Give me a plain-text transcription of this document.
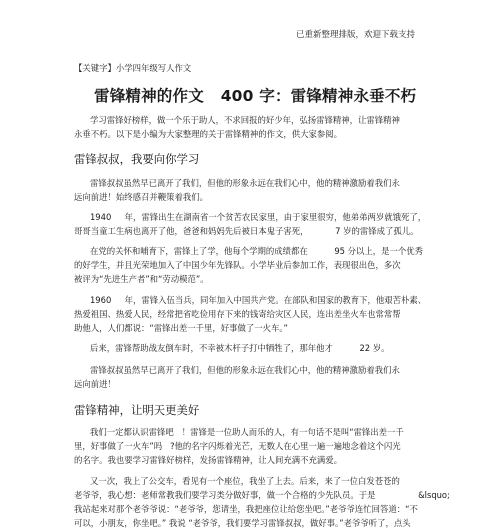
已重新整理排版，欢迎下载支持
【关键字】小学四年级写人作文
雷锋精神的作文   400 字：雷锋精神永垂不朽
学习雷锋好榜样，做一个乐于助人，不求回报的好少年，弘扬雷锋精神，让雷锋精神
永垂不朽。以下是小编为大家整理的关于雷锋精神的作文，供大家参阅。
雷锋叔叔，我要向你学习
雷锋叔叔虽然早已离开了我们，但他的形象永远在我们心中，他的精神激励着我们永
远向前进！始终感召并鞭策着我们。
1940     年，雷锋出生在湖南省一个贫苦农民家里，由于家里很穷，他弟弟两岁就饿死了，
哥哥当童工生病也离开了他，爸爸和妈妈先后被日本鬼子害死，          7 岁的雷锋成了孤儿。
在党的关怀和哺育下，雷锋上了学，他每个学期的成绩都在          95 分以上，是一个优秀
的好学生，并且光荣地加入了中国少年先锋队。小学毕业后参加工作，表现很出色，多次
被评为“先进生产者”和“劳动模范”。
1960     年，雷锋入伍当兵，同年加入中国共产党。在部队和国家的教育下，他艰苦朴素、
热爱祖国、热爱人民，经常把省吃俭用存下来的钱寄给灾区人民，连出差坐火车也常常帮
助他人，人们都说：“雷锋出差一千里，好事做了一火车。”
后来，雷锋帮助战友倒车时，不幸被木杆子打中牺牲了，那年他才          22 岁。
雷锋叔叔虽然早已离开了我们，但他的形象永远在我们心中，他的精神激励着我们永
远向前进！
雷锋精神，让明天更美好
我们一定都认识雷锋吧   ！雷锋是一位助人而乐的人，有一句话不是叫“雷锋出差一千
里，好事做了一火车”吗   ?他的名字闪烁着光芒，无数人在心里一遍一遍地念着这个闪光
的名字。我也要学习雷锋好榜样，发扬雷锋精神，让人间充满不充满爱。
又一次，我上了公交车，看见有一个座位，我坐了上去。后来，来了一位白发苍苍的
老爷爷，我心想：老师常教我们要学习类分做好事，做一个合格的少先队员。于是                &lsquo;
我站起来对那个老爷爷说：“老爷爷，您请坐，我把座位让给您坐吧。”老爷爷连忙回答道：“不
可以，小朋友，你坐吧。” 我说 “老爷爷，我们要学习雷锋叔叔，做好事。”老爷爷听了，点头
